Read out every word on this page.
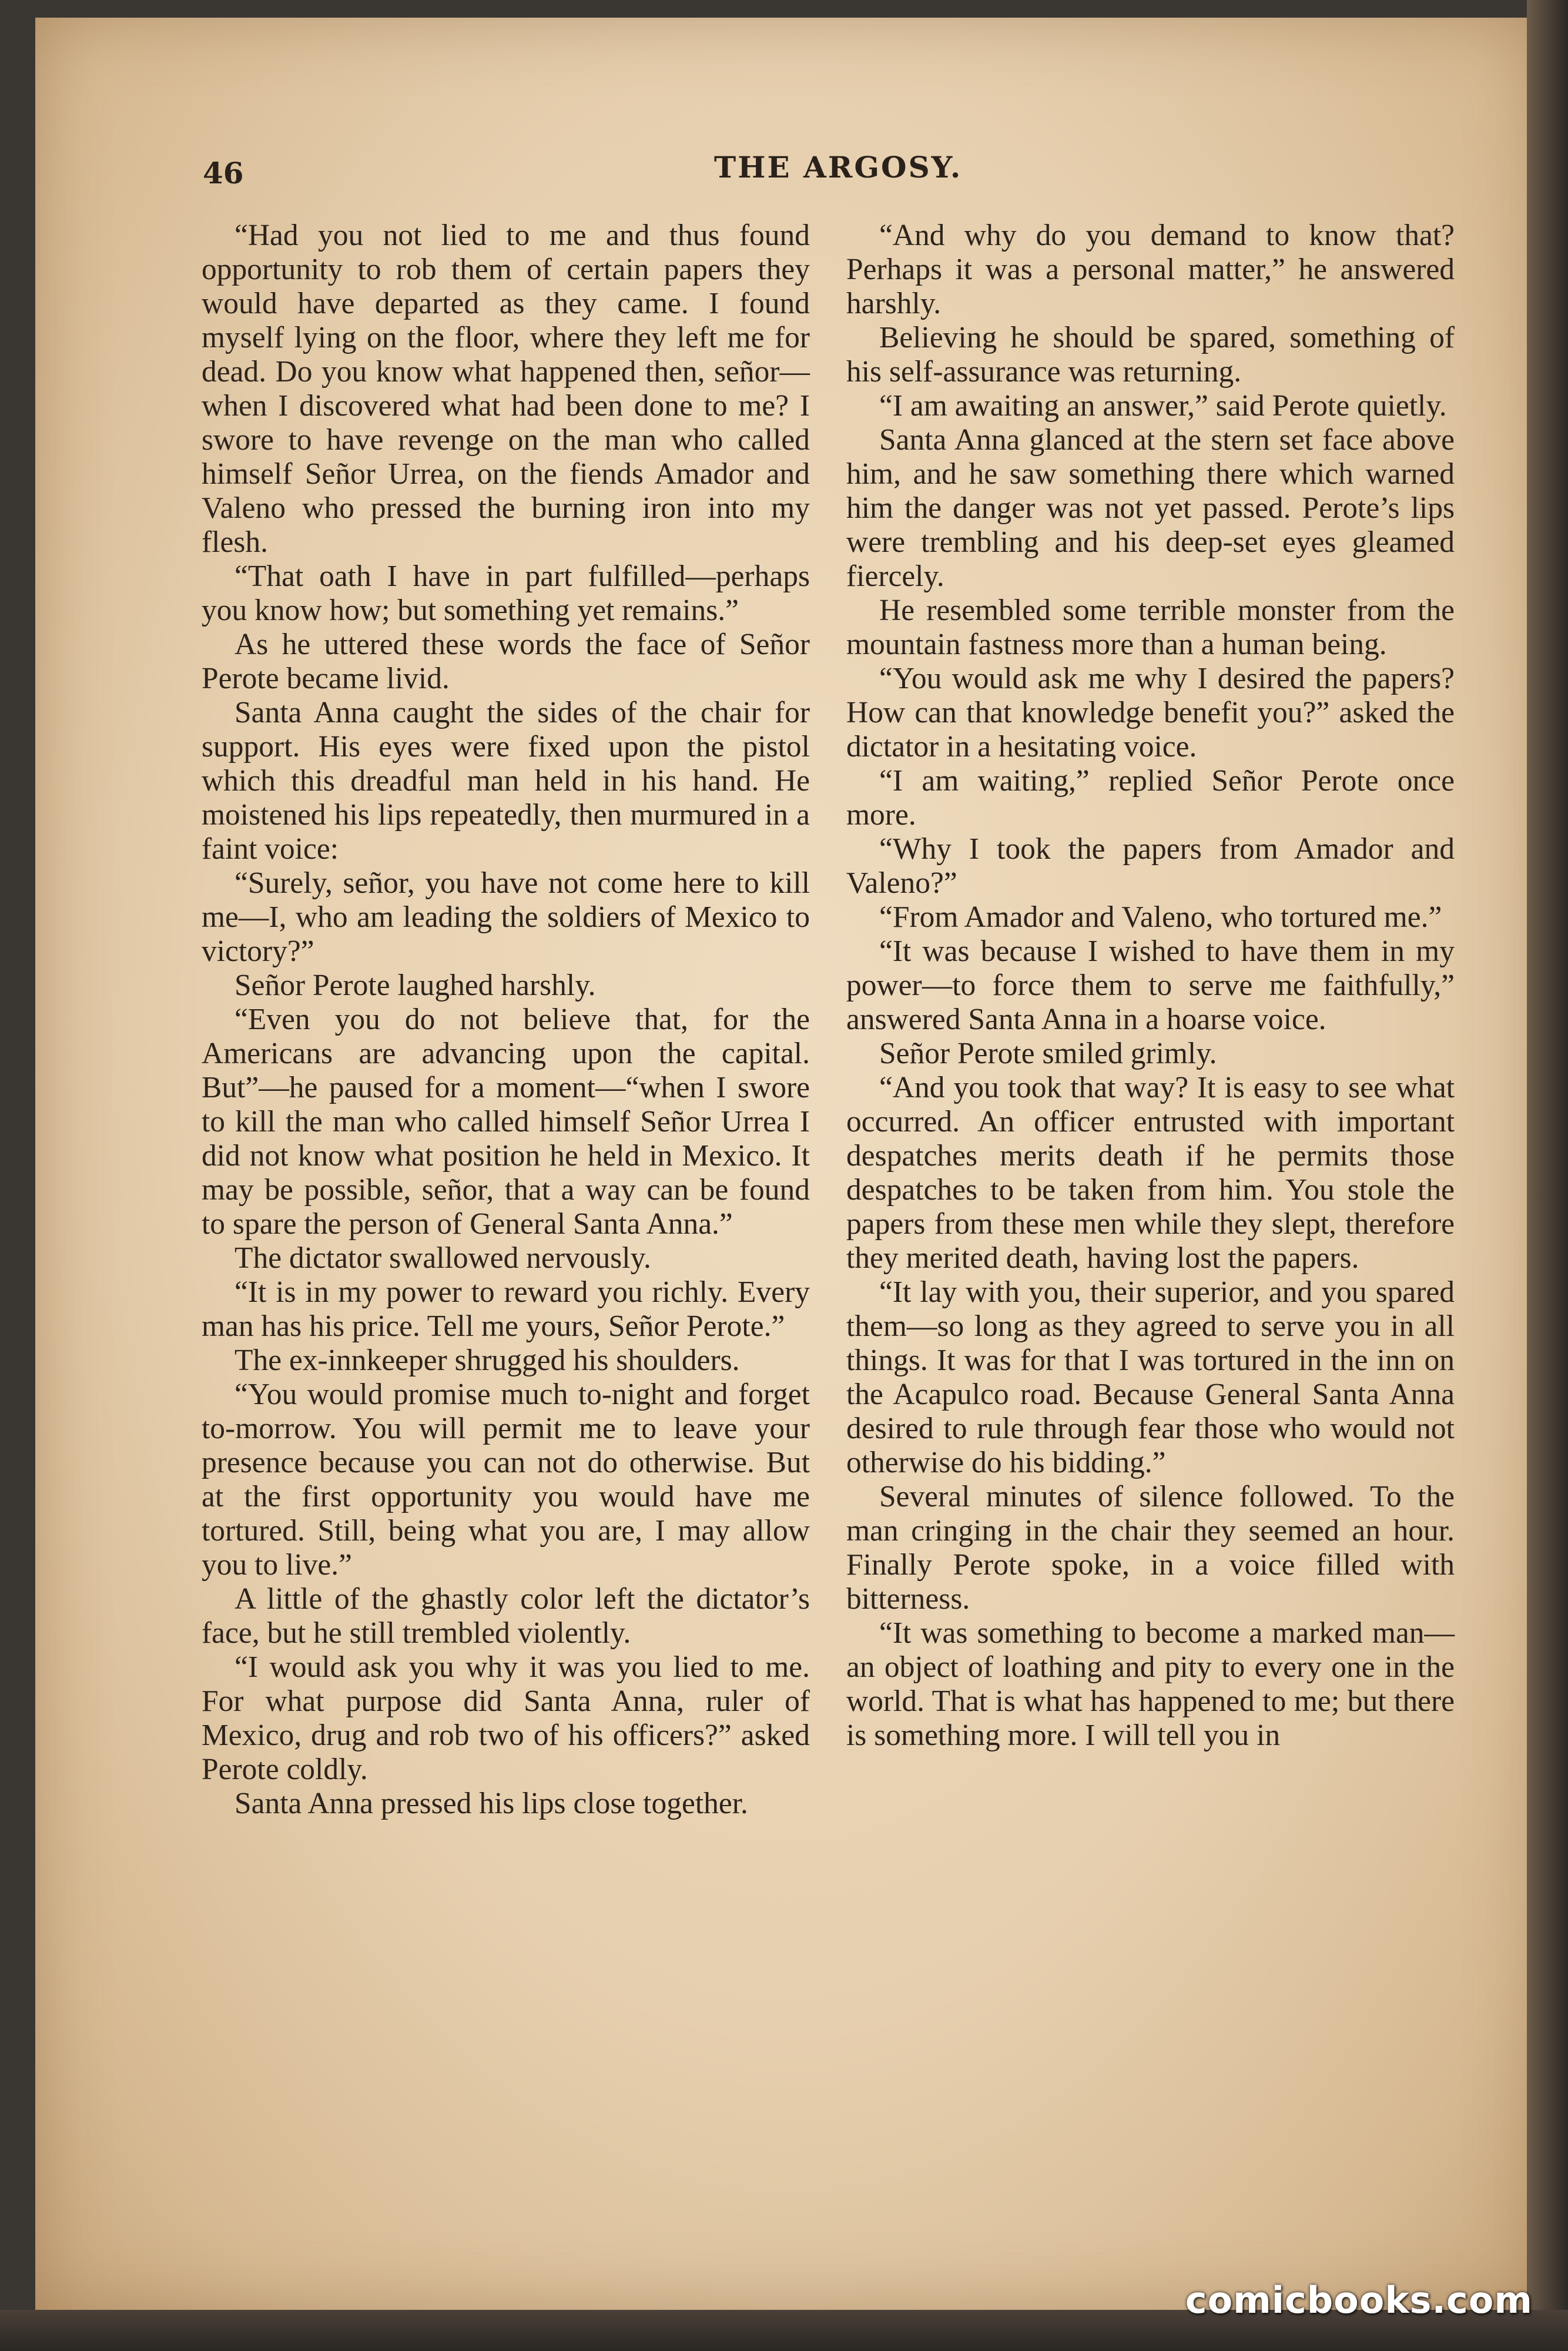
46	THE ARGOSY.

“Had you not lied to me and thus found opportunity to rob them of certain papers they would have departed as they came. I found myself lying on the floor, where they left me for dead. Do you know what happened then, señor—when I discovered what had been done to me? I swore to have revenge on the man who called himself Señor Urrea, on the fiends Amador and Valeno who pressed the burning iron into my flesh.

“That oath I have in part fulfilled—perhaps you know how; but something yet remains.”

As he uttered these words the face of Señor Perote became livid.

Santa Anna caught the sides of the chair for support. His eyes were fixed upon the pistol which this dreadful man held in his hand. He moistened his lips repeatedly, then murmured in a faint voice:

“Surely, señor, you have not come here to kill me—I, who am leading the soldiers of Mexico to victory?”

Señor Perote laughed harshly.

“Even you do not believe that, for the Americans are advancing upon the capital. But”—he paused for a moment—“when I swore to kill the man who called himself Señor Urrea I did not know what position he held in Mexico. It may be possible, señor, that a way can be found to spare the person of General Santa Anna.”

The dictator swallowed nervously.

“It is in my power to reward you richly. Every man has his price. Tell me yours, Señor Perote.”

The ex-innkeeper shrugged his shoulders.

“You would promise much to-night and forget to-morrow. You will permit me to leave your presence because you can not do otherwise. But at the first opportunity you would have me tortured. Still, being what you are, I may allow you to live.”

A little of the ghastly color left the dictator’s face, but he still trembled violently.

“I would ask you why it was you lied to me. For what purpose did Santa Anna, ruler of Mexico, drug and rob two of his officers?” asked Perote coldly.

Santa Anna pressed his lips close together.

“And why do you demand to know that? Perhaps it was a personal matter,” he answered harshly.

Believing he should be spared, something of his self-assurance was returning.

“I am awaiting an answer,” said Perote quietly.

Santa Anna glanced at the stern set face above him, and he saw something there which warned him the danger was not yet passed. Perote’s lips were trembling and his deep-set eyes gleamed fiercely.

He resembled some terrible monster from the mountain fastness more than a human being.

“You would ask me why I desired the papers? How can that knowledge benefit you?” asked the dictator in a hesitating voice.

“I am waiting,” replied Señor Perote once more.

“Why I took the papers from Amador and Valeno?”

“From Amador and Valeno, who tortured me.”

“It was because I wished to have them in my power—to force them to serve me faithfully,” answered Santa Anna in a hoarse voice.

Señor Perote smiled grimly.

“And you took that way? It is easy to see what occurred. An officer entrusted with important despatches merits death if he permits those despatches to be taken from him. You stole the papers from these men while they slept, therefore they merited death, having lost the papers.

“It lay with you, their superior, and you spared them—so long as they agreed to serve you in all things. It was for that I was tortured in the inn on the Acapulco road. Because General Santa Anna desired to rule through fear those who would not otherwise do his bidding.”

Several minutes of silence followed. To the man cringing in the chair they seemed an hour. Finally Perote spoke, in a voice filled with bitterness.

“It was something to become a marked man—an object of loathing and pity to every one in the world. That is what has happened to me; but there is something more. I will tell you in

comicbooks.com
